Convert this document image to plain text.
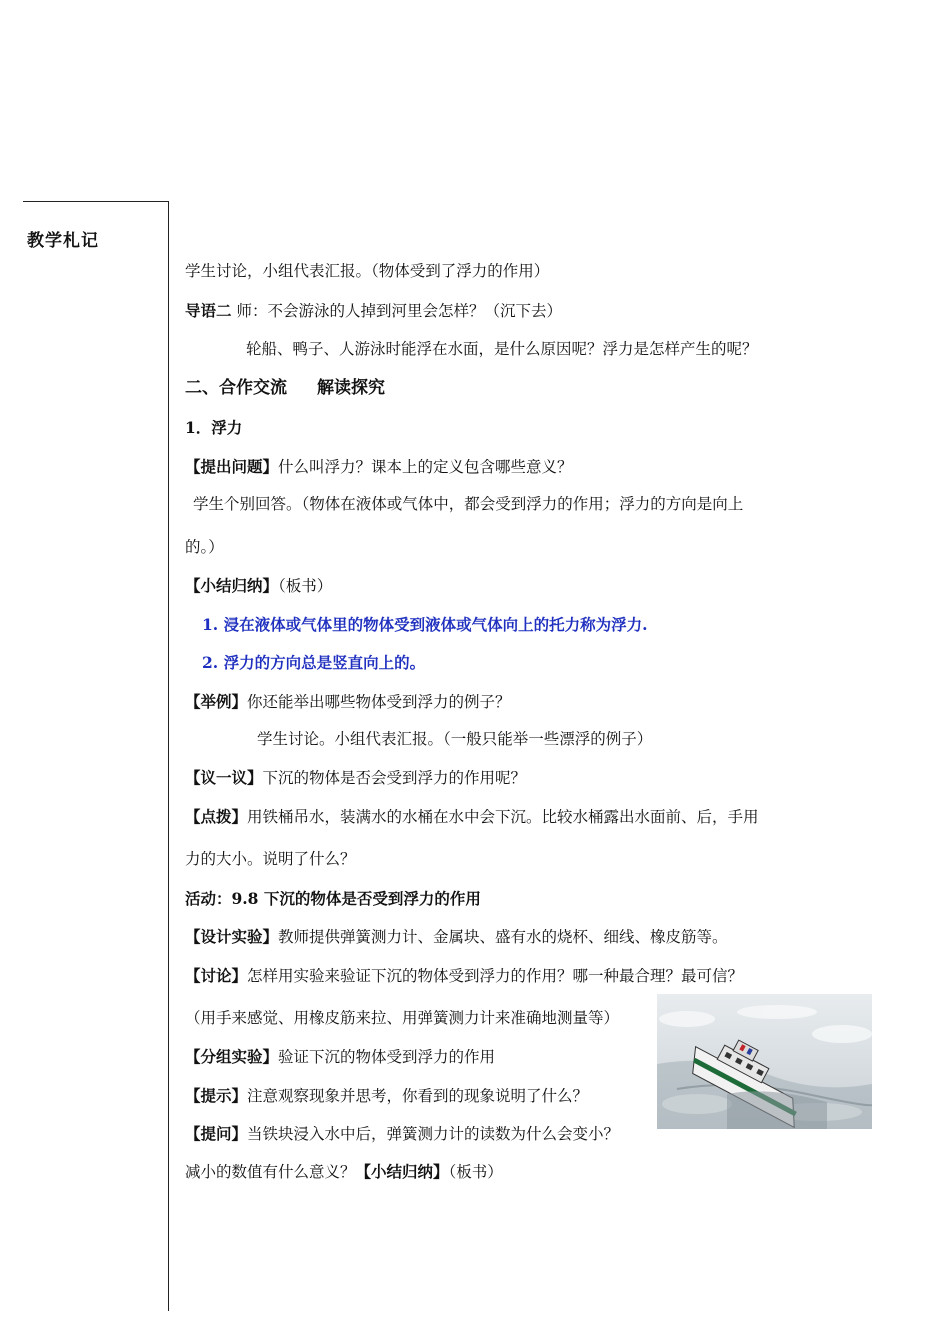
教学札记
学生讨论，小组代表汇报。（物体受到了浮力的作用）
导语二 师：不会游泳的人掉到河里会怎样？（沉下去）
轮船、鸭子、人游泳时能浮在水面，是什么原因呢？浮力是怎样产生的呢？
二、合作交流 解读探究
1．浮力
【提出问题】什么叫浮力？课本上的定义包含哪些意义？
学生个别回答。（物体在液体或气体中，都会受到浮力的作用；浮力的方向是向上
的。）
【小结归纳】（板书）
1. 浸在液体或气体里的物体受到液体或气体向上的托力称为浮力.
2. 浮力的方向总是竖直向上的。
【举例】你还能举出哪些物体受到浮力的例子？
学生讨论。小组代表汇报。（一般只能举一些漂浮的例子）
【议一议】下沉的物体是否会受到浮力的作用呢？
【点拨】用铁桶吊水，装满水的水桶在水中会下沉。比较水桶露出水面前、后，手用
力的大小。说明了什么？
活动：9.8 下沉的物体是否受到浮力的作用
【设计实验】教师提供弹簧测力计、金属块、盛有水的烧杯、细线、橡皮筋等。
【讨论】怎样用实验来验证下沉的物体受到浮力的作用？哪一种最合理？最可信？
（用手来感觉、用橡皮筋来拉、用弹簧测力计来准确地测量等）
【分组实验】验证下沉的物体受到浮力的作用
【提示】注意观察现象并思考，你看到的现象说明了什么？
【提问】当铁块浸入水中后，弹簧测力计的读数为什么会变小？
减小的数值有什么意义？【小结归纳】（板书）
